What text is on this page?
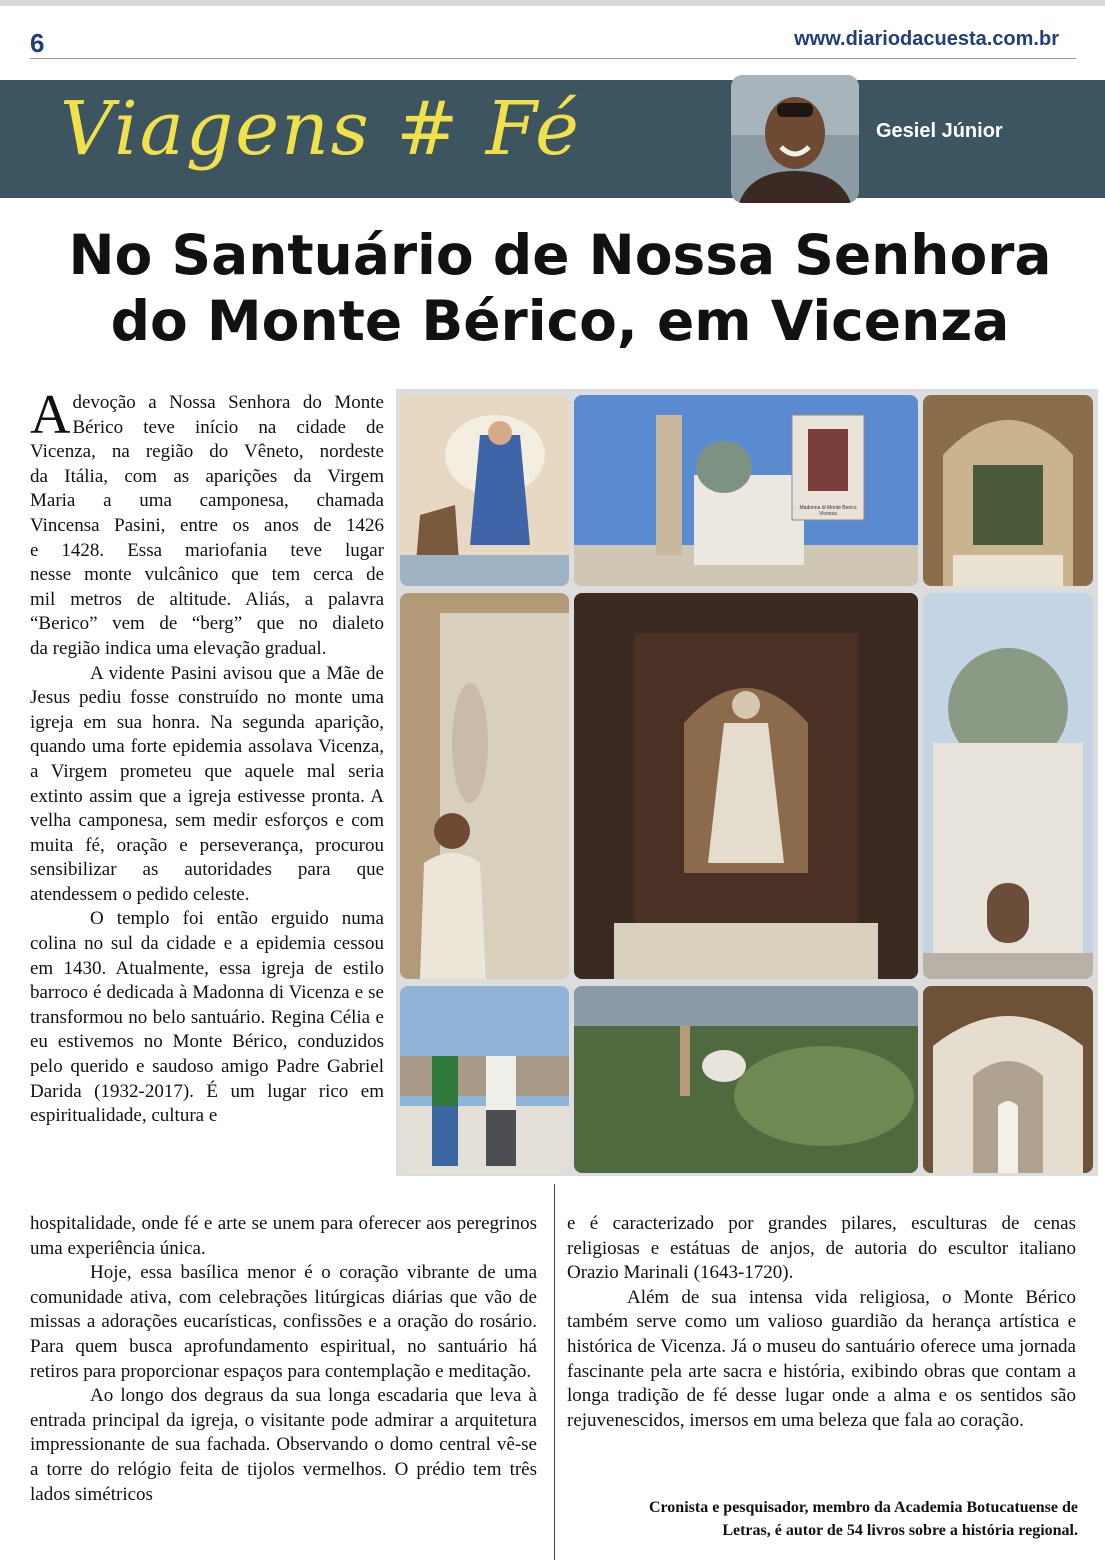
6	www.diariodacuesta.com.br
Viagens # Fé	Gesiel Júnior
No Santuário de Nossa Senhora
do Monte Bérico, em Vicenza
A devoção a Nossa Senhora do Monte
Bérico teve início na cidade de
Vicenza, na região do Vêneto, nordeste
da Itália, com as aparições da Virgem
Maria a uma camponesa, chamada
Vincensa Pasini, entre os anos de 1426
e 1428. Essa mariofania teve lugar
nesse monte vulcânico que tem cerca de
mil metros de altitude. Aliás, a palavra
“Berico” vem de “berg” que no dialeto
da região indica uma elevação gradual.

A vidente Pasini avisou que a Mãe de Jesus pediu fosse construído no monte uma igreja em sua honra. Na segunda aparição, quando uma forte epidemia assolava Vicenza, a Virgem prometeu que aquele mal seria extinto assim que a igreja estivesse pronta. A velha camponesa, sem medir esforços e com muita fé, oração e perseverança, procurou sensibilizar as autoridades para que atendessem o pedido celeste.

O templo foi então erguido numa colina no sul da cidade e a epidemia cessou em 1430. Atualmente, essa igreja de estilo barroco é dedicada à Madonna di Vicenza e se transformou no belo santuário. Regina Célia e eu estivemos no Monte Bérico, conduzidos pelo querido e saudoso amigo Padre Gabriel Darida (1932-2017). É um lugar rico em espiritualidade, cultura e

hospitalidade, onde fé e arte se unem para oferecer aos peregrinos uma experiência única.

Hoje, essa basílica menor é o coração vibrante de uma comunidade ativa, com celebrações litúrgicas diárias que vão de missas a adorações eucarísticas, confissões e a oração do rosário. Para quem busca aprofundamento espiritual, no santuário há retiros para proporcionar espaços para contemplação e meditação.

Ao longo dos degraus da sua longa escadaria que leva à entrada principal da igreja, o visitante pode admirar a arquitetura impressionante de sua fachada. Observando o domo central vê-se a torre do relógio feita de tijolos vermelhos. O prédio tem três lados simétricos

e é caracterizado por grandes pilares, esculturas de cenas religiosas e estátuas de anjos, de autoria do escultor italiano Orazio Marinali (1643-1720).

Além de sua intensa vida religiosa, o Monte Bérico também serve como um valioso guardião da herança artística e histórica de Vicenza. Já o museu do santuário oferece uma jornada fascinante pela arte sacra e história, exibindo obras que contam a longa tradição de fé desse lugar onde a alma e os sentidos são rejuvenescidos, imersos em uma beleza que fala ao coração.

Cronista e pesquisador, membro da Academia Botucatuense de
Letras, é autor de 54 livros sobre a história regional.
Madonna di Monte Berico
Vicenza
